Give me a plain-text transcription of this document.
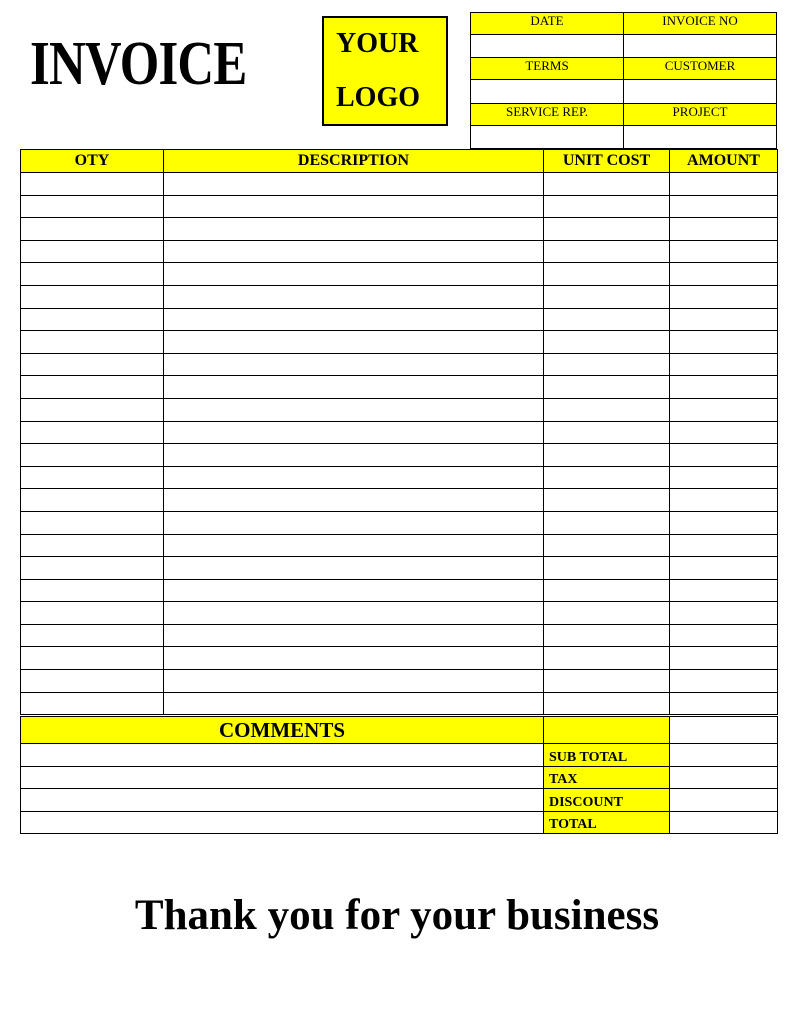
INVOICE	YOUR
LOGO
DATE	INVOICE NO

TERMS	CUSTOMER

SERVICE REP.	PROJECT

OTY	DESCRIPTION	UNIT COST	AMOUNT

COMMENTS		
	SUB TOTAL	
	TAX	
	DISCOUNT	
	TOTAL	
Thank you for your business
